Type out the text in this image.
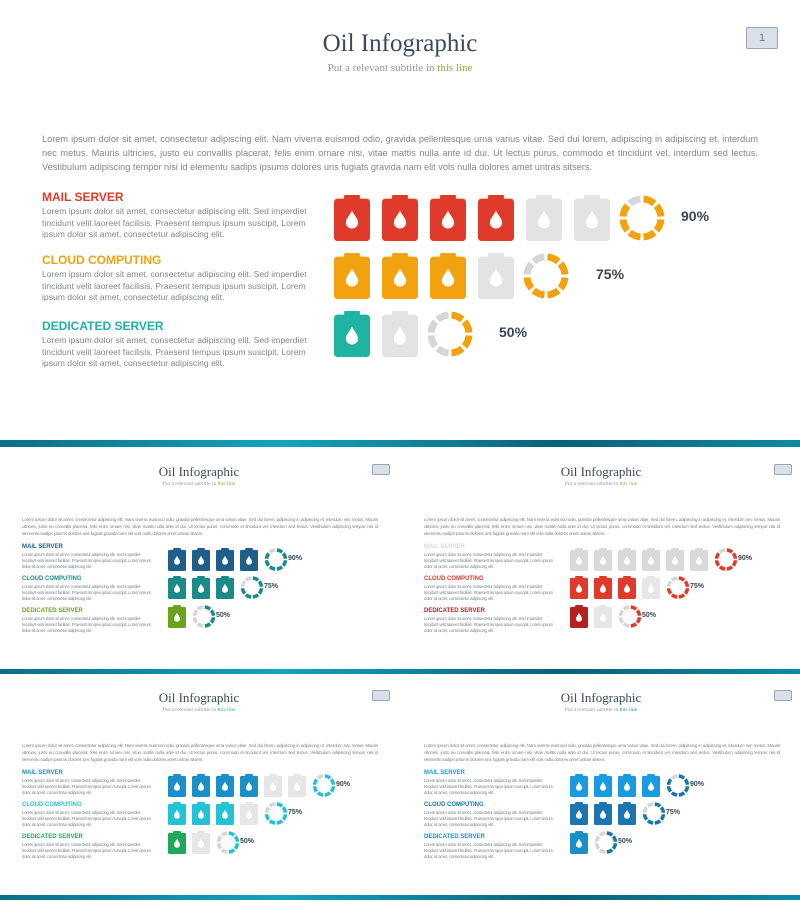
1
Oil Infographic
Put a relevant subtitle in this line
Lorem ipsum dolor sit amet, consectetur adipiscing elit. Nam viverra euismod odio, gravida pellentesque urna varius vitae. Sed dui lorem, adipiscing in adipiscing et, interdum nec metus. Mauris ultricies, justo eu convallis placerat, felis enim ornare nisi, vitae mattis nulla ante id dui. Ut lectus purus, commodo et tincidunt vel, interdum sed lectus. Vestibulum adipiscing tempor nisi id elementu sadips ipsums dolores uns fugiats gravida nam elit vols nulla dolores amet untras sitsers.
MAIL SERVER
Lorem ipsum dolor sit amet, consectetur adipiscing elit. Sed imperdiet tincidunt velit laoreet facilisis. Praesent tempus ipsum suscipit, Lorem ipsum dolor sit amet, consectetur adipiscing elit.
CLOUD COMPUTING
Lorem ipsum dolor sit amet, consectetur adipiscing elit. Sed imperdiet tincidunt velit laoreet facilisis. Praesent tempus ipsum suscipit, Lorem ipsum dolor sit amet, consectetur adipiscing elit.
DEDICATED SERVER
Lorem ipsum dolor sit amet, consectetur adipiscing elit. Sed imperdiet tincidunt velit laoreet facilisis. Praesent tempus ipsum suscipit, Lorem ipsum dolor sit amet, consectetur adipiscing elit.
90%
75%
50%
Oil Infographic
Put a relevant subtitle in this line
Lorem ipsum dolor sit amet, consectetur adipiscing elit. Nam viverra euismod odio, gravida pellentesque urna varius vitae. Sed dui lorem, adipiscing in adipiscing et, interdum nec metus. Mauris ultricies, justo eu convallis placerat, felis enim ornare nisi, vitae mattis nulla ante id dui. Ut lectus purus, commodo et tincidunt vel, interdum sed lectus. Vestibulum adipiscing tempor nisi id elementu sadips ipsums dolores uns fugiats gravida nam elit vols nulla dolores amet untras sitsers.
MAIL SERVER
Lorem ipsum dolor sit amet, consectetur adipiscing elit. Sed imperdiet tincidunt velit laoreet facilisis. Praesent tempus ipsum suscipit, Lorem ipsum dolor sit amet, consectetur adipiscing elit.
CLOUD COMPUTING
Lorem ipsum dolor sit amet, consectetur adipiscing elit. Sed imperdiet tincidunt velit laoreet facilisis. Praesent tempus ipsum suscipit, Lorem ipsum dolor sit amet, consectetur adipiscing elit.
DEDICATED SERVER
Lorem ipsum dolor sit amet, consectetur adipiscing elit. Sed imperdiet tincidunt velit laoreet facilisis. Praesent tempus ipsum suscipit, Lorem ipsum dolor sit amet, consectetur adipiscing elit.
90%
75%
50%
Oil Infographic
Put a relevant subtitle in this line
Lorem ipsum dolor sit amet, consectetur adipiscing elit. Nam viverra euismod odio, gravida pellentesque urna varius vitae. Sed dui lorem, adipiscing in adipiscing et, interdum nec metus. Mauris ultricies, justo eu convallis placerat, felis enim ornare nisi, vitae mattis nulla ante id dui. Ut lectus purus, commodo et tincidunt vel, interdum sed lectus. Vestibulum adipiscing tempor nisi id elementu sadips ipsums dolores uns fugiats gravida nam elit vols nulla dolores amet untras sitsers.
MAIL SERVER
Lorem ipsum dolor sit amet, consectetur adipiscing elit. Sed imperdiet tincidunt velit laoreet facilisis. Praesent tempus ipsum suscipit, Lorem ipsum dolor sit amet, consectetur adipiscing elit.
CLOUD COMPUTING
Lorem ipsum dolor sit amet, consectetur adipiscing elit. Sed imperdiet tincidunt velit laoreet facilisis. Praesent tempus ipsum suscipit, Lorem ipsum dolor sit amet, consectetur adipiscing elit.
DEDICATED SERVER
Lorem ipsum dolor sit amet, consectetur adipiscing elit. Sed imperdiet tincidunt velit laoreet facilisis. Praesent tempus ipsum suscipit, Lorem ipsum dolor sit amet, consectetur adipiscing elit.
90%
75%
50%
Oil Infographic
Put a relevant subtitle in this line
Lorem ipsum dolor sit amet, consectetur adipiscing elit. Nam viverra euismod odio, gravida pellentesque urna varius vitae. Sed dui lorem, adipiscing in adipiscing et, interdum nec metus. Mauris ultricies, justo eu convallis placerat, felis enim ornare nisi, vitae mattis nulla ante id dui. Ut lectus purus, commodo et tincidunt vel, interdum sed lectus. Vestibulum adipiscing tempor nisi id elementu sadips ipsums dolores uns fugiats gravida nam elit vols nulla dolores amet untras sitsers.
MAIL SERVER
Lorem ipsum dolor sit amet, consectetur adipiscing elit. Sed imperdiet tincidunt velit laoreet facilisis. Praesent tempus ipsum suscipit, Lorem ipsum dolor sit amet, consectetur adipiscing elit.
CLOUD COMPUTING
Lorem ipsum dolor sit amet, consectetur adipiscing elit. Sed imperdiet tincidunt velit laoreet facilisis. Praesent tempus ipsum suscipit, Lorem ipsum dolor sit amet, consectetur adipiscing elit.
DEDICATED SERVER
Lorem ipsum dolor sit amet, consectetur adipiscing elit. Sed imperdiet tincidunt velit laoreet facilisis. Praesent tempus ipsum suscipit, Lorem ipsum dolor sit amet, consectetur adipiscing elit.
90%
75%
50%
Oil Infographic
Put a relevant subtitle in this line
Lorem ipsum dolor sit amet, consectetur adipiscing elit. Nam viverra euismod odio, gravida pellentesque urna varius vitae. Sed dui lorem, adipiscing in adipiscing et, interdum nec metus. Mauris ultricies, justo eu convallis placerat, felis enim ornare nisi, vitae mattis nulla ante id dui. Ut lectus purus, commodo et tincidunt vel, interdum sed lectus. Vestibulum adipiscing tempor nisi id elementu sadips ipsums dolores uns fugiats gravida nam elit vols nulla dolores amet untras sitsers.
MAIL SERVER
Lorem ipsum dolor sit amet, consectetur adipiscing elit. Sed imperdiet tincidunt velit laoreet facilisis. Praesent tempus ipsum suscipit, Lorem ipsum dolor sit amet, consectetur adipiscing elit.
CLOUD COMPUTING
Lorem ipsum dolor sit amet, consectetur adipiscing elit. Sed imperdiet tincidunt velit laoreet facilisis. Praesent tempus ipsum suscipit, Lorem ipsum dolor sit amet, consectetur adipiscing elit.
DEDICATED SERVER
Lorem ipsum dolor sit amet, consectetur adipiscing elit. Sed imperdiet tincidunt velit laoreet facilisis. Praesent tempus ipsum suscipit, Lorem ipsum dolor sit amet, consectetur adipiscing elit.
90%
75%
50%
